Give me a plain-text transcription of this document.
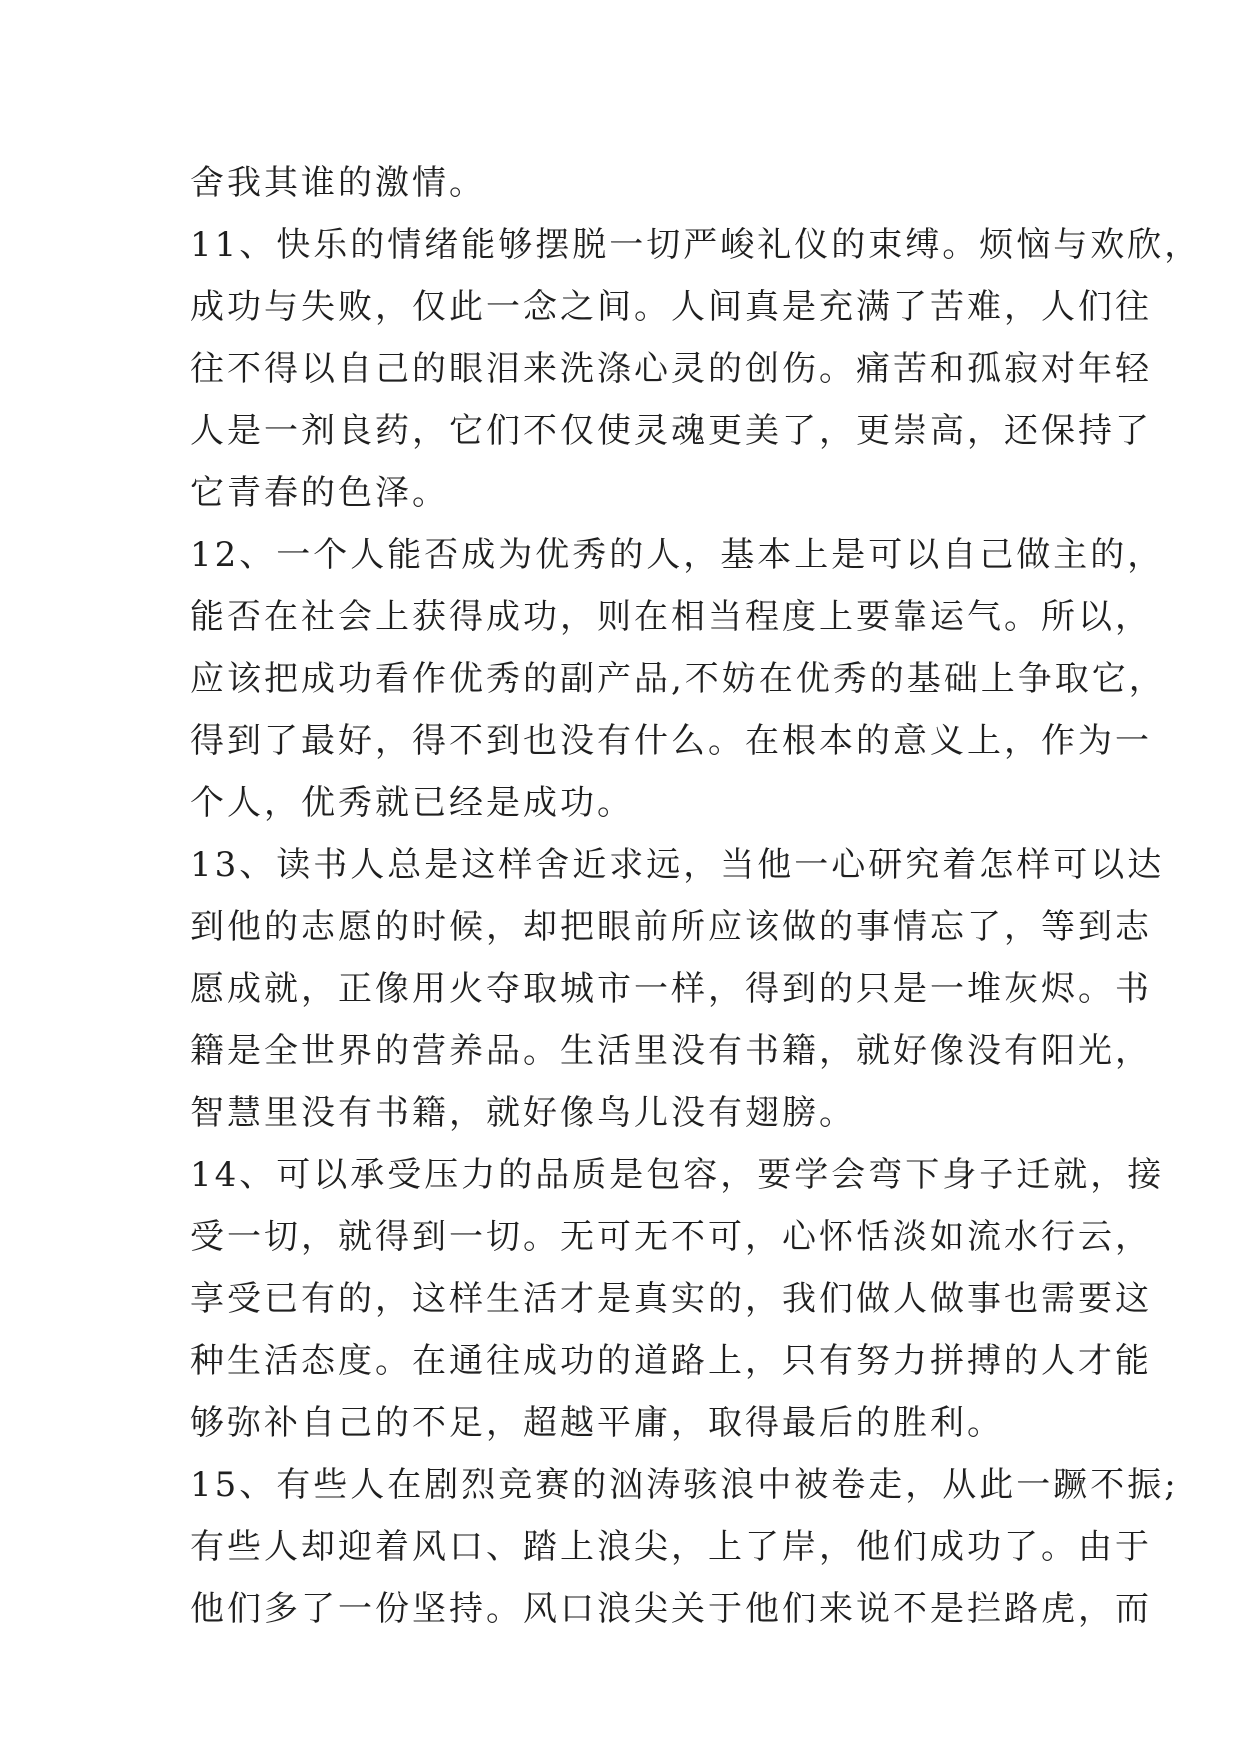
舍我其谁的激情。
11、快乐的情绪能够摆脱一切严峻礼仪的束缚。烦恼与欢欣，
成功与失败，仅此一念之间。人间真是充满了苦难，人们往
往不得以自己的眼泪来洗涤心灵的创伤。痛苦和孤寂对年轻
人是一剂良药，它们不仅使灵魂更美了，更崇高，还保持了
它青春的色泽。
12、一个人能否成为优秀的人，基本上是可以自己做主的，
能否在社会上获得成功，则在相当程度上要靠运气。所以，
应该把成功看作优秀的副产品,不妨在优秀的基础上争取它，
得到了最好，得不到也没有什么。在根本的意义上，作为一
个人，优秀就已经是成功。
13、读书人总是这样舍近求远，当他一心研究着怎样可以达
到他的志愿的时候，却把眼前所应该做的事情忘了，等到志
愿成就，正像用火夺取城市一样，得到的只是一堆灰烬。书
籍是全世界的营养品。生活里没有书籍，就好像没有阳光，
智慧里没有书籍，就好像鸟儿没有翅膀。
14、可以承受压力的品质是包容，要学会弯下身子迁就，接
受一切，就得到一切。无可无不可，心怀恬淡如流水行云，
享受已有的，这样生活才是真实的，我们做人做事也需要这
种生活态度。在通往成功的道路上，只有努力拼搏的人才能
够弥补自己的不足，超越平庸，取得最后的胜利。
15、有些人在剧烈竞赛的汹涛骇浪中被卷走，从此一蹶不振;
有些人却迎着风口、踏上浪尖，上了岸，他们成功了。由于
他们多了一份坚持。风口浪尖关于他们来说不是拦路虎，而
